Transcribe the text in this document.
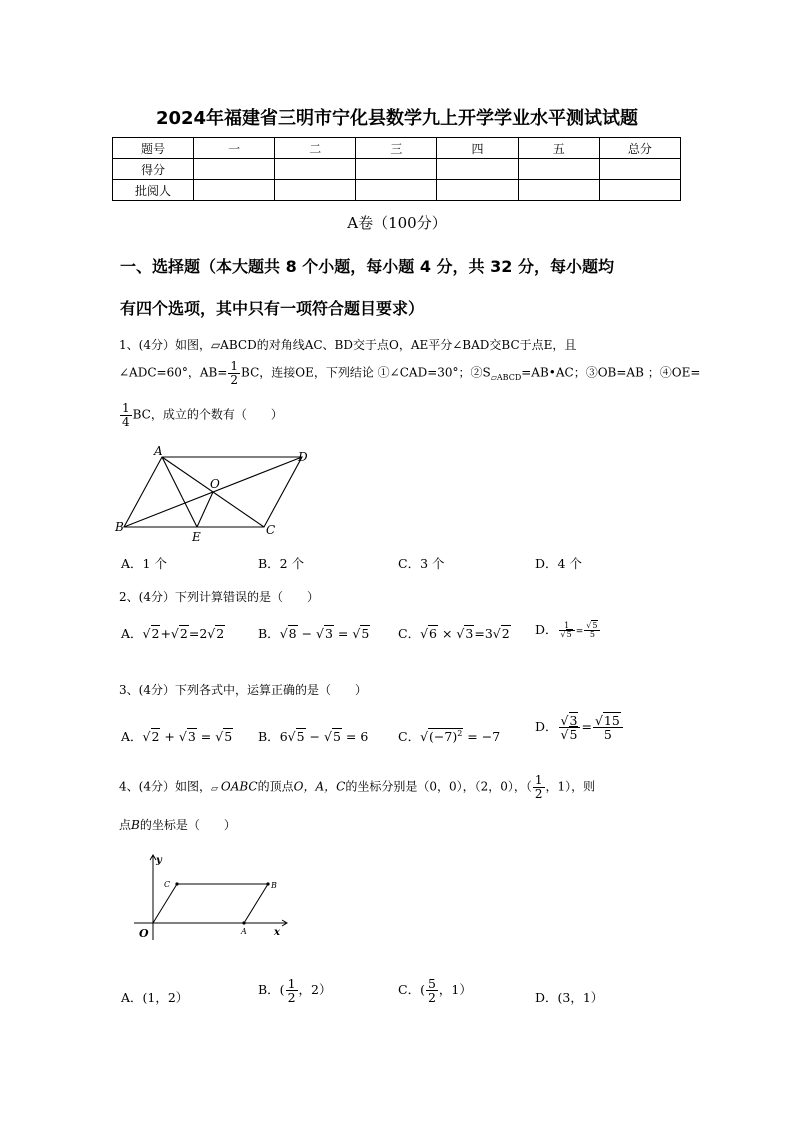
2024年福建省三明市宁化县数学九上开学学业水平测试试题
题号	一	二	三	四	五	总分
得分						
批阅人						
A卷（100分）
一、选择题（本大题共 8 个小题，每小题 4 分，共 32 分，每小题均
有四个选项，其中只有一项符合题目要求）
1、(4分）如图，▱ABCD的对角线AC、BD交于点O，AE平分∠BAD交BC于点E，且
∠ADC=60°，$AB= \frac{1}{2}$ BC，连接OE，下列结论 ①∠CAD=30°；$②S_{▱ABCD}=AB•AC$；③OB=AB ；④OE=
$\frac{1}{4}$ BC，成立的个数有（　　）
A	D
O
B
E	C
A．1 个	B．2 个	C．3 个	D．4 个
2、(4分）下列计算错误的是（　　）
A．√2+√2=2√2	B．√8 − √3 = √5 C．√6 × √3=3√2 D． $\frac{1}{√5} = \frac{√5}{5}$
3、(4分）下列各式中，运算正确的是（　　）
A．√2 + √3 = √5 B．6√5 − √5 = 6 C．$√(-7)^2 = -7$
D． $\frac{√3}{√5} = \frac{√15}{5}$
4、(4分）如图，▱ OABC的顶点O，A，C的坐标分别是（0，0），（2，0），（ $\frac{1}{2}$ ，1），则
点B的坐标是（　　）
y
x
O	A
B
C
A．(1，2）
B．( $\frac{1}{2}$ ，2）	C．( $\frac{5}{2}$ ，1）
D．(3，1）
